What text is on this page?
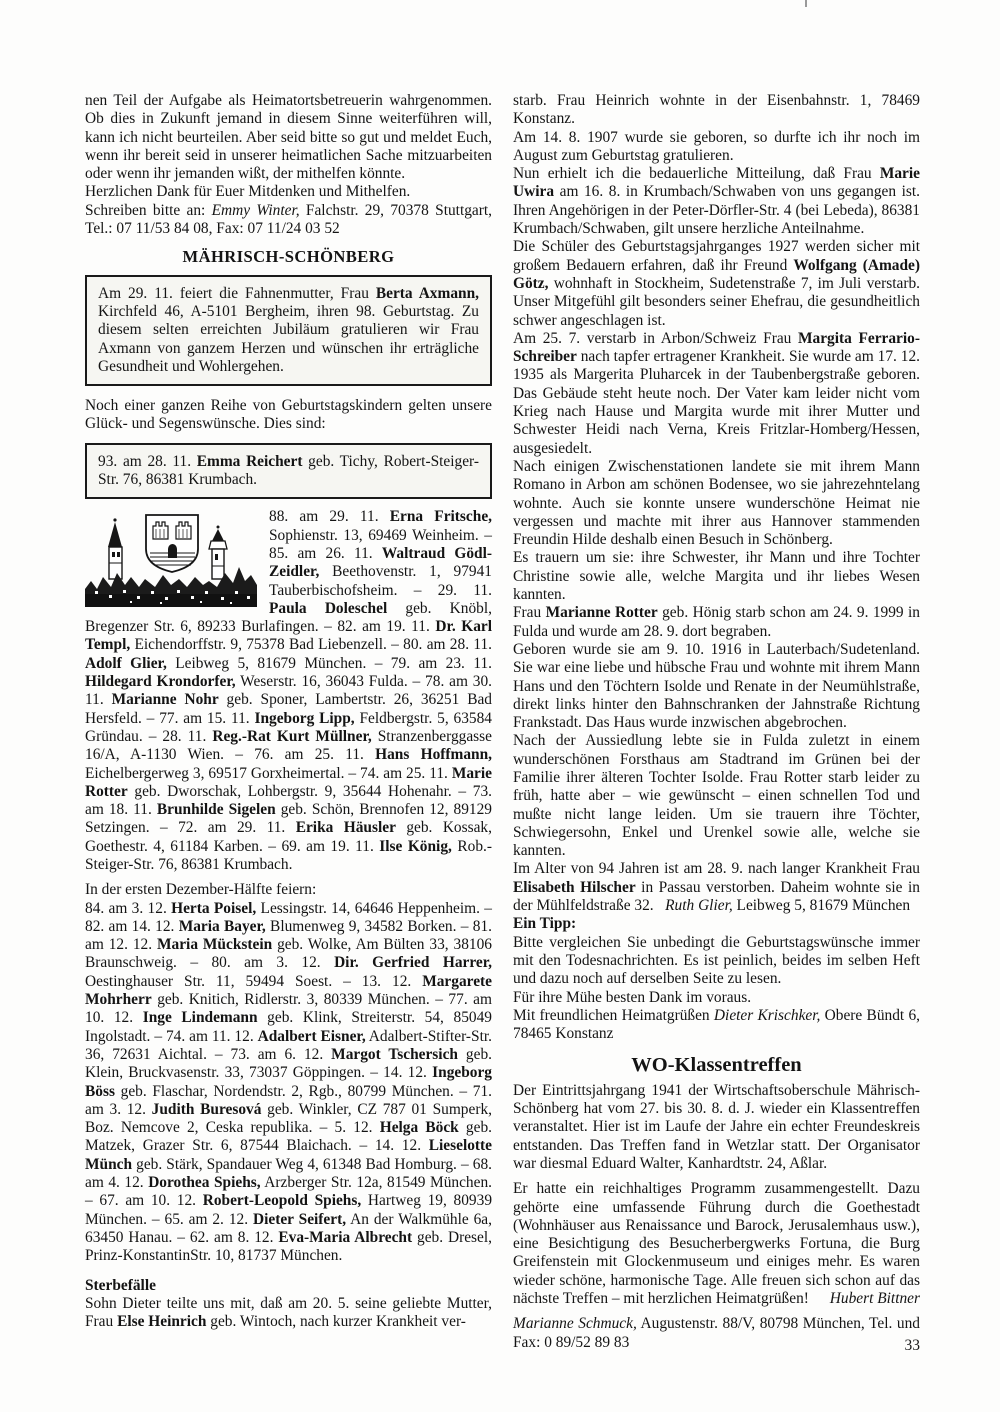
nen Teil der Aufgabe als Heimatortsbetreuerin wahrgenommen. Ob dies in Zukunft jemand in diesem Sinne weiterführen will, kann ich nicht beurteilen. Aber seid bitte so gut und meldet Euch, wenn ihr bereit seid in unserer heimatlichen Sache mitzuarbeiten oder wenn ihr jemanden wißt, der mithelfen könnte.

Herzlichen Dank für Euer Mitdenken und Mithelfen.

Schreiben bitte an: Emmy Winter, Falchstr. 29, 70378 Stuttgart, Tel.: 07 11/53 84 08, Fax: 07 11/24 03 52

MÄHRISCH-SCHÖNBERG

Am 29. 11. feiert die Fahnenmutter, Frau Berta Axmann, Kirchfeld 46, A-5101 Bergheim, ihren 98. Geburtstag. Zu diesem selten erreichten Jubiläum gratulieren wir Frau Axmann von ganzem Herzen und wünschen ihr erträgliche Gesundheit und Wohlergehen.

Noch einer ganzen Reihe von Geburtstagskindern gelten unsere Glück- und Segenswünsche. Dies sind:

93. am 28. 11. Emma Reichert geb. Tichy, Robert-Steiger-Str. 76, 86381 Krumbach.

88. am 29. 11. Erna Fritsche, Sophienstr. 13, 69469 Weinheim. – 85. am 26. 11. Waltraud Gödl-Zeidler, Beethovenstr. 1, 97941 Tauberbischofsheim. – 29. 11. Paula Doleschel geb. Knöbl, Bregenzer Str. 6, 89233 Burlafingen. – 82. am 19. 11. Dr. Karl Templ, Eichendorffstr. 9, 75378 Bad Liebenzell. – 80. am 28. 11. Adolf Glier, Leibweg 5, 81679 München. – 79. am 23. 11. Hildegard Krondorfer, Weserstr. 16, 36043 Fulda. – 78. am 30. 11. Marianne Nohr geb. Sponer, Lambertstr. 26, 36251 Bad Hersfeld. – 77. am 15. 11. Ingeborg Lipp, Feldbergstr. 5, 63584 Gründau. – 28. 11. Reg.-Rat Kurt Müllner, Stranzenberggasse 16/A, A-1130 Wien. – 76. am 25. 11. Hans Hoffmann, Eichelbergerweg 3, 69517 Gorxheimertal. – 74. am 25. 11. Marie Rotter geb. Dworschak, Lohbergstr. 9, 35644 Hohenahr. – 73. am 18. 11. Brunhilde Sigelen geb. Schön, Brennofen 12, 89129 Setzingen. – 72. am 29. 11. Erika Häusler geb. Kossak, Goethestr. 4, 61184 Karben. – 69. am 19. 11. Ilse König, Rob.-Steiger-Str. 76, 86381 Krumbach.

In der ersten Dezember-Hälfte feiern:

84. am 3. 12. Herta Poisel, Lessingstr. 14, 64646 Heppenheim. – 82. am 14. 12. Maria Bayer, Blumenweg 9, 34582 Borken. – 81. am 12. 12. Maria Mückstein geb. Wolke, Am Bülten 33, 38106 Braunschweig. – 80. am 3. 12. Dir. Gerfried Harrer, Oestinghauser Str. 11, 59494 Soest. – 13. 12. Margarete Mohrherr geb. Knitich, Ridlerstr. 3, 80339 München. – 77. am 10. 12. Inge Lindemann geb. Klink, Streiterstr. 54, 85049 Ingolstadt. – 74. am 11. 12. Adalbert Eisner, Adalbert-Stifter-Str. 36, 72631 Aichtal. – 73. am 6. 12. Margot Tschersich geb. Klein, Bruckvasenstr. 33, 73037 Göppingen. – 14. 12. Ingeborg Böss geb. Flaschar, Nordendstr. 2, Rgb., 80799 München. – 71. am 3. 12. Judith Buresová geb. Winkler, CZ 787 01 Sumperk, Boz. Nemcove 2, Ceska republika. – 5. 12. Helga Böck geb. Matzek, Grazer Str. 6, 87544 Blaichach. – 14. 12. Lieselotte Münch geb. Stärk, Spandauer Weg 4, 61348 Bad Homburg. – 68. am 4. 12. Dorothea Spiehs, Arzberger Str. 12a, 81549 München. – 67. am 10. 12. Robert-Leopold Spiehs, Hartweg 19, 80939 München. – 65. am 2. 12. Dieter Seifert, An der Walkmühle 6a, 63450 Hanau. – 62. am 8. 12. Eva-Maria Albrecht geb. Dresel, Prinz-KonstantinStr. 10, 81737 München.

Sterbefälle

Sohn Dieter teilte uns mit, daß am 20. 5. seine geliebte Mutter, Frau Else Heinrich geb. Wintoch, nach kurzer Krankheit ver-

starb. Frau Heinrich wohnte in der Eisenbahnstr. 1, 78469 Konstanz.

Am 14. 8. 1907 wurde sie geboren, so durfte ich ihr noch im August zum Geburtstag gratulieren.

Nun erhielt ich die bedauerliche Mitteilung, daß Frau Marie Uwira am 16. 8. in Krumbach/Schwaben von uns gegangen ist. Ihren Angehörigen in der Peter-Dörfler-Str. 4 (bei Lebeda), 86381 Krumbach/Schwaben, gilt unsere herzliche Anteilnahme.

Die Schüler des Geburtstagsjahrganges 1927 werden sicher mit großem Bedauern erfahren, daß ihr Freund Wolfgang (Amade) Götz, wohnhaft in Stockheim, Sudetenstraße 7, im Juli verstarb. Unser Mitgefühl gilt besonders seiner Ehefrau, die gesundheitlich schwer angeschlagen ist.

Am 25. 7. verstarb in Arbon/Schweiz Frau Margita Ferrario-Schreiber nach tapfer ertragener Krankheit. Sie wurde am 17. 12. 1935 als Margerita Pluharcek in der Taubenbergstraße geboren. Das Gebäude steht heute noch. Der Vater kam leider nicht vom Krieg nach Hause und Margita wurde mit ihrer Mutter und Schwester Heidi nach Verna, Kreis Fritzlar-Homberg/Hessen, ausgesiedelt.

Nach einigen Zwischenstationen landete sie mit ihrem Mann Romano in Arbon am schönen Bodensee, wo sie jahrezehntelang wohnte. Auch sie konnte unsere wunderschöne Heimat nie vergessen und machte mit ihrer aus Hannover stammenden Freundin Hilde deshalb einen Besuch in Schönberg.

Es trauern um sie: ihre Schwester, ihr Mann und ihre Tochter Christine sowie alle, welche Margita und ihr liebes Wesen kannten.

Frau Marianne Rotter geb. Hönig starb schon am 24. 9. 1999 in Fulda und wurde am 28. 9. dort begraben.

Geboren wurde sie am 9. 10. 1916 in Lauterbach/Sudetenland. Sie war eine liebe und hübsche Frau und wohnte mit ihrem Mann Hans und den Töchtern Isolde und Renate in der Neumühlstraße, direkt links hinter den Bahnschranken der Jahnstraße Richtung Frankstadt. Das Haus wurde inzwischen abgebrochen.

Nach der Aussiedlung lebte sie in Fulda zuletzt in einem wunderschönen Forsthaus am Stadtrand im Grünen bei der Familie ihrer älteren Tochter Isolde. Frau Rotter starb leider zu früh, hatte aber – wie gewünscht – einen schnellen Tod und mußte nicht lange leiden. Um sie trauern ihre Töchter, Schwiegersohn, Enkel und Urenkel sowie alle, welche sie kannten.

Im Alter von 94 Jahren ist am 28. 9. nach langer Krankheit Frau Elisabeth Hilscher in Passau verstorben. Daheim wohnte sie in der Mühlfeldstraße 32.   Ruth Glier, Leibweg 5, 81679 München

Ein Tipp:

Bitte vergleichen Sie unbedingt die Geburtstagswünsche immer mit den Todesnachrichten. Es ist peinlich, beides im selben Heft und dazu noch auf derselben Seite zu lesen.

Für ihre Mühe besten Dank im voraus.

Mit freundlichen Heimatgrüßen Dieter Krischker, Obere Bündt 6, 78465 Konstanz

WO-Klassentreffen

Der Eintrittsjahrgang 1941 der Wirtschaftsoberschule Mährisch-Schönberg hat vom 27. bis 30. 8. d. J. wieder ein Klassentreffen veranstaltet. Hier ist im Laufe der Jahre ein echter Freundeskreis entstanden. Das Treffen fand in Wetzlar statt. Der Organisator war diesmal Eduard Walter, Kanhardtstr. 24, Aßlar.

Er hatte ein reichhaltiges Programm zusammengestellt. Dazu gehörte eine umfassende Führung durch die Goethestadt (Wohnhäuser aus Renaissance und Barock, Jerusalemhaus usw.), eine Besichtigung des Besucherbergwerks Fortuna, die Burg Greifenstein mit Glockenmuseum und einiges mehr. Es waren wieder schöne, harmonische Tage. Alle freuen sich schon auf das nächste Treffen – mit herzlichen Heimatgrüßen! Hubert Bittner

Marianne Schmuck, Augustenstr. 88/V, 80798 München, Tel. und Fax: 0 89/52 89 83	33
